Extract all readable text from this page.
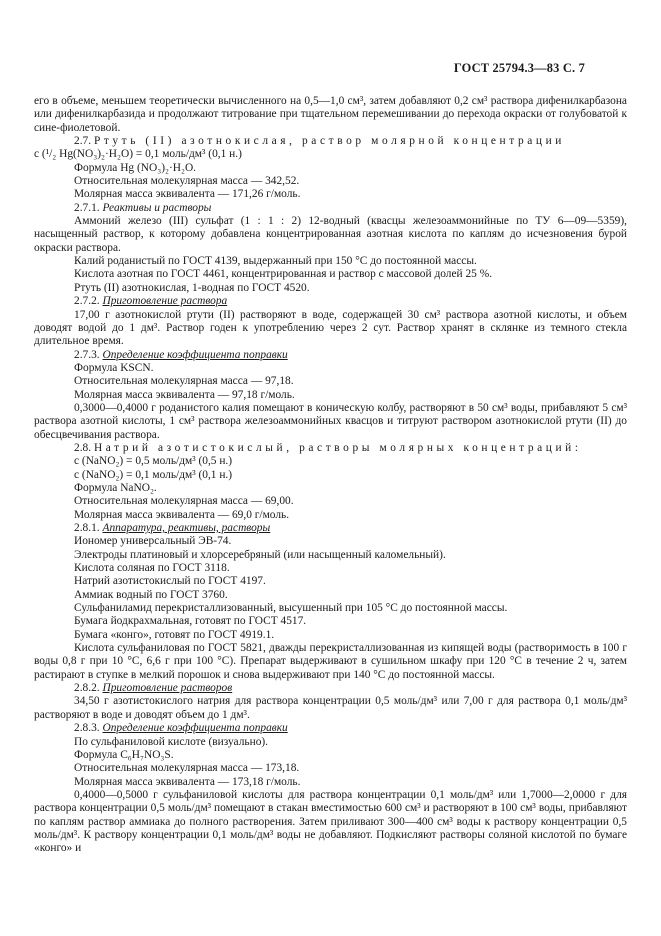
ГОСТ 25794.3—83 С. 7

его в объеме, меньшем теоретически вычисленного на 0,5—1,0 см³, затем добавляют 0,2 см³ раствора дифенилкарбазона или дифенилкарбазида и продолжают титрование при тщательном перемешивании до перехода окраски от голубоватой к сине-фиолетовой.

2.7. Ртуть (II) азотнокислая, раствор молярной концентрации

c (¹/₂ Hg(NO₃)₂·H₂O) = 0,1 моль/дм³ (0,1 н.)

Формула Hg (NO₃)₂·H₂O.

Относительная молекулярная масса — 342,52.

Молярная масса эквивалента — 171,26 г/моль.

2.7.1. Реактивы и растворы

Аммоний железо (III) сульфат (1 : 1 : 2) 12-водный (квасцы железоаммонийные по ТУ 6—09—5359), насыщенный раствор, к которому добавлена концентрированная азотная кислота по каплям до исчезновения бурой окраски раствора.

Калий роданистый по ГОСТ 4139, выдержанный при 150 °С до постоянной массы.

Кислота азотная по ГОСТ 4461, концентрированная и раствор с массовой долей 25 %.

Ртуть (II) азотнокислая, 1-водная по ГОСТ 4520.

2.7.2. Приготовление раствора

17,00 г азотнокислой ртути (II) растворяют в воде, содержащей 30 см³ раствора азотной кислоты, и объем доводят водой до 1 дм³. Раствор годен к употреблению через 2 сут. Раствор хранят в склянке из темного стекла длительное время.

2.7.3. Определение коэффициента поправки

Формула KSCN.

Относительная молекулярная масса — 97,18.

Молярная масса эквивалента — 97,18 г/моль.

0,3000—0,4000 г роданистого калия помещают в коническую колбу, растворяют в 50 см³ воды, прибавляют 5 см³ раствора азотной кислоты, 1 см³ раствора железоаммонийных квасцов и титруют раствором азотнокислой ртути (II) до обесцвечивания раствора.

2.8. Натрий азотистокислый, растворы молярных концентраций:

c (NaNO₂) = 0,5 моль/дм³ (0,5 н.)

c (NaNO₂) = 0,1 моль/дм³ (0,1 н.)

Формула NaNO₂.

Относительная молекулярная масса — 69,00.

Молярная масса эквивалента — 69,0 г/моль.

2.8.1. Аппаратура, реактивы, растворы

Иономер универсальный ЭВ-74.

Электроды платиновый и хлорсеребряный (или насыщенный каломельный).

Кислота соляная по ГОСТ 3118.

Натрий азотистокислый по ГОСТ 4197.

Аммиак водный по ГОСТ 3760.

Сульфаниламид перекристаллизованный, высушенный при 105 °С до постоянной массы.

Бумага йодкрахмальная, готовят по ГОСТ 4517.

Бумага «конго», готовят по ГОСТ 4919.1.

Кислота сульфаниловая по ГОСТ 5821, дважды перекристаллизованная из кипящей воды (растворимость в 100 г воды 0,8 г при 10 °С, 6,6 г при 100 °С). Препарат выдерживают в сушильном шкафу при 120 °С в течение 2 ч, затем растирают в ступке в мелкий порошок и снова выдерживают при 140 °С до постоянной массы.

2.8.2. Приготовление растворов

34,50 г азотистокислого натрия для раствора концентрации 0,5 моль/дм³ или 7,00 г для раствора 0,1 моль/дм³ растворяют в воде и доводят объем до 1 дм³.

2.8.3. Определение коэффициента поправки

По сульфаниловой кислоте (визуально).

Формула C₆H₇NO₃S.

Относительная молекулярная масса — 173,18.

Молярная масса эквивалента — 173,18 г/моль.

0,4000—0,5000 г сульфаниловой кислоты для раствора концентрации 0,1 моль/дм³ или 1,7000—2,0000 г для раствора концентрации 0,5 моль/дм³ помещают в стакан вместимостью 600 см³ и растворяют в 100 см³ воды, прибавляют по каплям раствор аммиака до полного растворения. Затем приливают 300—400 см³ воды к раствору концентрации 0,5 моль/дм³. К раствору концентрации 0,1 моль/дм³ воды не добавляют. Подкисляют растворы соляной кислотой по бумаге «конго» и
